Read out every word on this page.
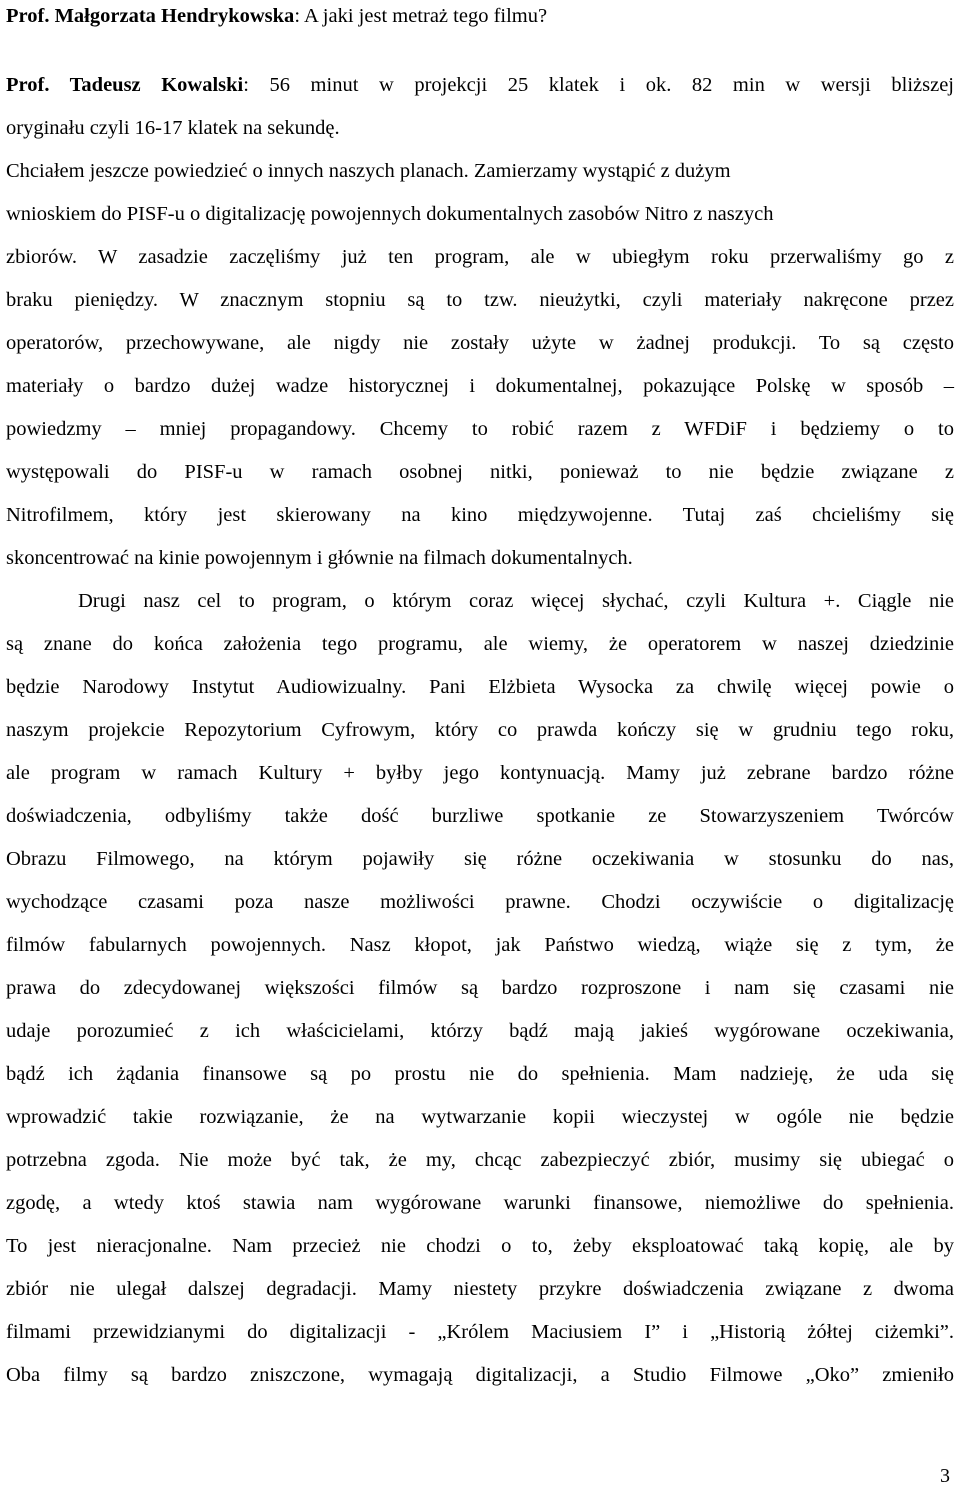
Prof. Małgorzata Hendrykowska: A jaki jest metraż tego filmu?
Prof. Tadeusz Kowalski: 56 minut w projekcji 25 klatek i ok. 82 min w wersji bliższej
oryginału czyli 16-17 klatek na sekundę.
Chciałem jeszcze powiedzieć o innych naszych planach. Zamierzamy wystąpić z dużym
wnioskiem do PISF-u o digitalizację powojennych dokumentalnych zasobów Nitro z naszych
zbiorów. W zasadzie zaczęliśmy już ten program, ale w ubiegłym roku przerwaliśmy go z
braku pieniędzy. W znacznym stopniu są to tzw. nieużytki, czyli materiały nakręcone przez
operatorów, przechowywane, ale nigdy nie zostały użyte w żadnej produkcji. To są często
materiały o bardzo dużej wadze historycznej i dokumentalnej, pokazujące Polskę w sposób –
powiedzmy – mniej propagandowy. Chcemy to robić razem z WFDiF i będziemy o to
występowali do PISF-u w ramach osobnej nitki, ponieważ to nie będzie związane z
Nitrofilmem, który jest skierowany na kino międzywojenne. Tutaj zaś chcieliśmy się
skoncentrować na kinie powojennym i głównie na filmach dokumentalnych.
Drugi nasz cel to program, o którym coraz więcej słychać, czyli Kultura +. Ciągle nie
są znane do końca założenia tego programu, ale wiemy, że operatorem w naszej dziedzinie
będzie Narodowy Instytut Audiowizualny. Pani Elżbieta Wysocka za chwilę więcej powie o
naszym projekcie Repozytorium Cyfrowym, który co prawda kończy się w grudniu tego roku,
ale program w ramach Kultury + byłby jego kontynuacją. Mamy już zebrane bardzo różne
doświadczenia, odbyliśmy także dość burzliwe spotkanie ze Stowarzyszeniem Twórców
Obrazu Filmowego, na którym pojawiły się różne oczekiwania w stosunku do nas,
wychodzące czasami poza nasze możliwości prawne. Chodzi oczywiście o digitalizację
filmów fabularnych powojennych. Nasz kłopot, jak Państwo wiedzą, wiąże się z tym, że
prawa do zdecydowanej większości filmów są bardzo rozproszone i nam się czasami nie
udaje porozumieć z ich właścicielami, którzy bądź mają jakieś wygórowane oczekiwania,
bądź ich żądania finansowe są po prostu nie do spełnienia. Mam nadzieję, że uda się
wprowadzić takie rozwiązanie, że na wytwarzanie kopii wieczystej w ogóle nie będzie
potrzebna zgoda. Nie może być tak, że my, chcąc zabezpieczyć zbiór, musimy się ubiegać o
zgodę, a wtedy ktoś stawia nam wygórowane warunki finansowe, niemożliwe do spełnienia.
To jest nieracjonalne. Nam przecież nie chodzi o to, żeby eksploatować taką kopię, ale by
zbiór nie ulegał dalszej degradacji. Mamy niestety przykre doświadczenia związane z dwoma
filmami przewidzianymi do digitalizacji - „Królem Maciusiem I” i „Historią żółtej ciżemki”.
Oba filmy są bardzo zniszczone, wymagają digitalizacji, a Studio Filmowe „Oko” zmieniło
3
